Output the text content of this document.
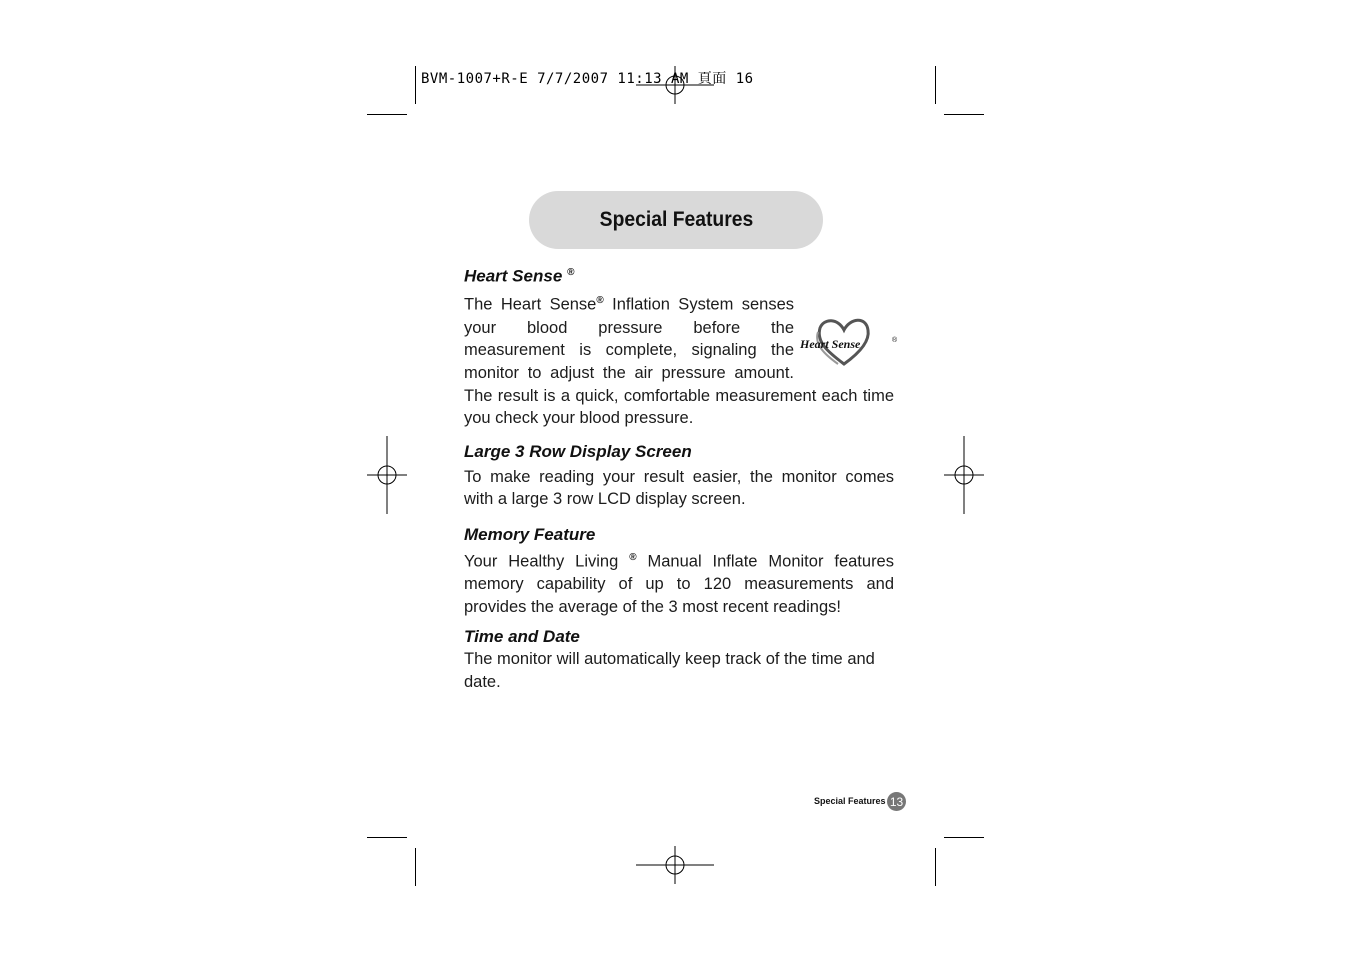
BVM-1007+R-E 7/7/2007 11:13 AM 頁面 16
Special Features
Heart Sense ®
Heart Sense	®

The Heart Sense® Inflation System senses your blood pressure before the measurement is complete, signaling the monitor to adjust the air pressure amount. The result is a quick, comfortable measurement each time you check your blood pressure.

Large 3 Row Display Screen

To make reading your result easier, the monitor comes with a large 3 row LCD display screen.

Memory Feature

Your Healthy Living ® Manual Inflate Monitor features memory capability of up to 120 measurements and provides the average of the 3 most recent readings!

Time and Date

The monitor will automatically keep track of the time and date.

Special Features 13
